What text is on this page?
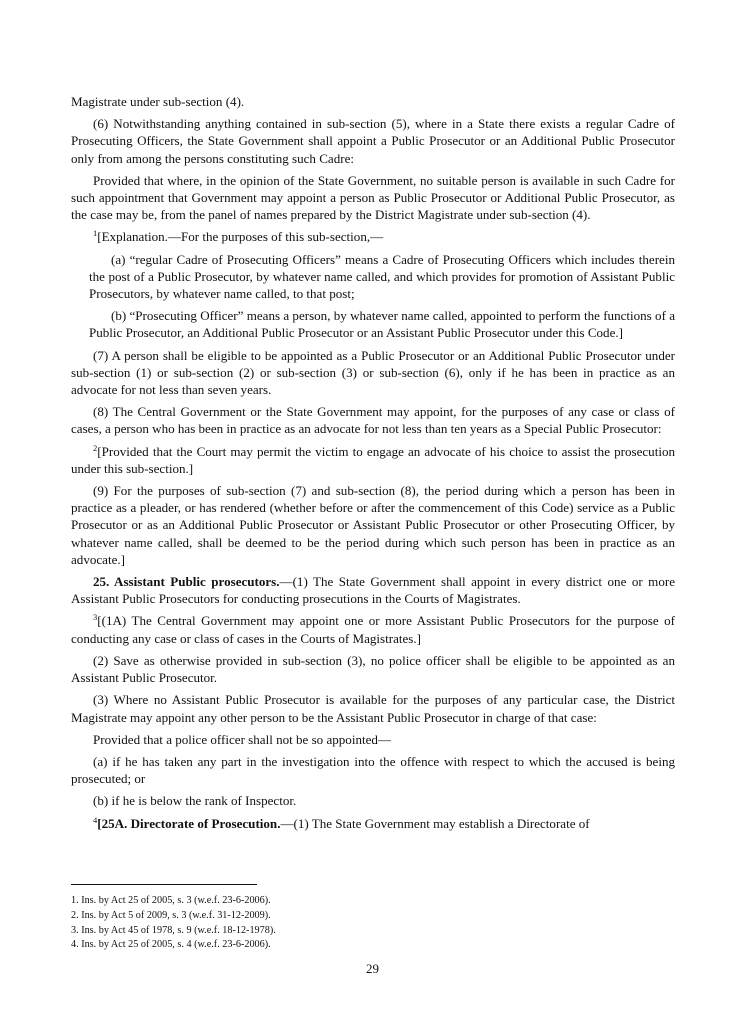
Magistrate under sub-section (4).

(6) Notwithstanding anything contained in sub-section (5), where in a State there exists a regular Cadre of Prosecuting Officers, the State Government shall appoint a Public Prosecutor or an Additional Public Prosecutor only from among the persons constituting such Cadre:

Provided that where, in the opinion of the State Government, no suitable person is available in such Cadre for such appointment that Government may appoint a person as Public Prosecutor or Additional Public Prosecutor, as the case may be, from the panel of names prepared by the District Magistrate under sub-section (4).

$^1$[Explanation.—For the purposes of this sub-section,—

(a) “regular Cadre of Prosecuting Officers” means a Cadre of Prosecuting Officers which includes therein the post of a Public Prosecutor, by whatever name called, and which provides for promotion of Assistant Public Prosecutors, by whatever name called, to that post;

(b) “Prosecuting Officer” means a person, by whatever name called, appointed to perform the functions of a Public Prosecutor, an Additional Public Prosecutor or an Assistant Public Prosecutor under this Code.]

(7) A person shall be eligible to be appointed as a Public Prosecutor or an Additional Public Prosecutor under sub-section (1) or sub-section (2) or sub-section (3) or sub-section (6), only if he has been in practice as an advocate for not less than seven years.

(8) The Central Government or the State Government may appoint, for the purposes of any case or class of cases, a person who has been in practice as an advocate for not less than ten years as a Special Public Prosecutor:

$^2$[Provided that the Court may permit the victim to engage an advocate of his choice to assist the prosecution under this sub-section.]

(9) For the purposes of sub-section (7) and sub-section (8), the period during which a person has been in practice as a pleader, or has rendered (whether before or after the commencement of this Code) service as a Public Prosecutor or as an Additional Public Prosecutor or Assistant Public Prosecutor or other Prosecuting Officer, by whatever name called, shall be deemed to be the period during which such person has been in practice as an advocate.]

25. Assistant Public prosecutors.—(1) The State Government shall appoint in every district one or more Assistant Public Prosecutors for conducting prosecutions in the Courts of Magistrates.

$^3$[(1A) The Central Government may appoint one or more Assistant Public Prosecutors for the purpose of conducting any case or class of cases in the Courts of Magistrates.]

(2) Save as otherwise provided in sub-section (3), no police officer shall be eligible to be appointed as an Assistant Public Prosecutor.

(3) Where no Assistant Public Prosecutor is available for the purposes of any particular case, the District Magistrate may appoint any other person to be the Assistant Public Prosecutor in charge of that case:

Provided that a police officer shall not be so appointed—

(a) if he has taken any part in the investigation into the offence with respect to which the accused is being prosecuted; or

(b) if he is below the rank of Inspector.

$^4$[25A. Directorate of Prosecution.—(1) The State Government may establish a Directorate of

1. Ins. by Act 25 of 2005, s. 3 (w.e.f. 23-6-2006).
2. Ins. by Act 5 of 2009, s. 3 (w.e.f. 31-12-2009).
3. Ins. by Act 45 of 1978, s. 9 (w.e.f. 18-12-1978).
4. Ins. by Act 25 of 2005, s. 4 (w.e.f. 23-6-2006).
29
